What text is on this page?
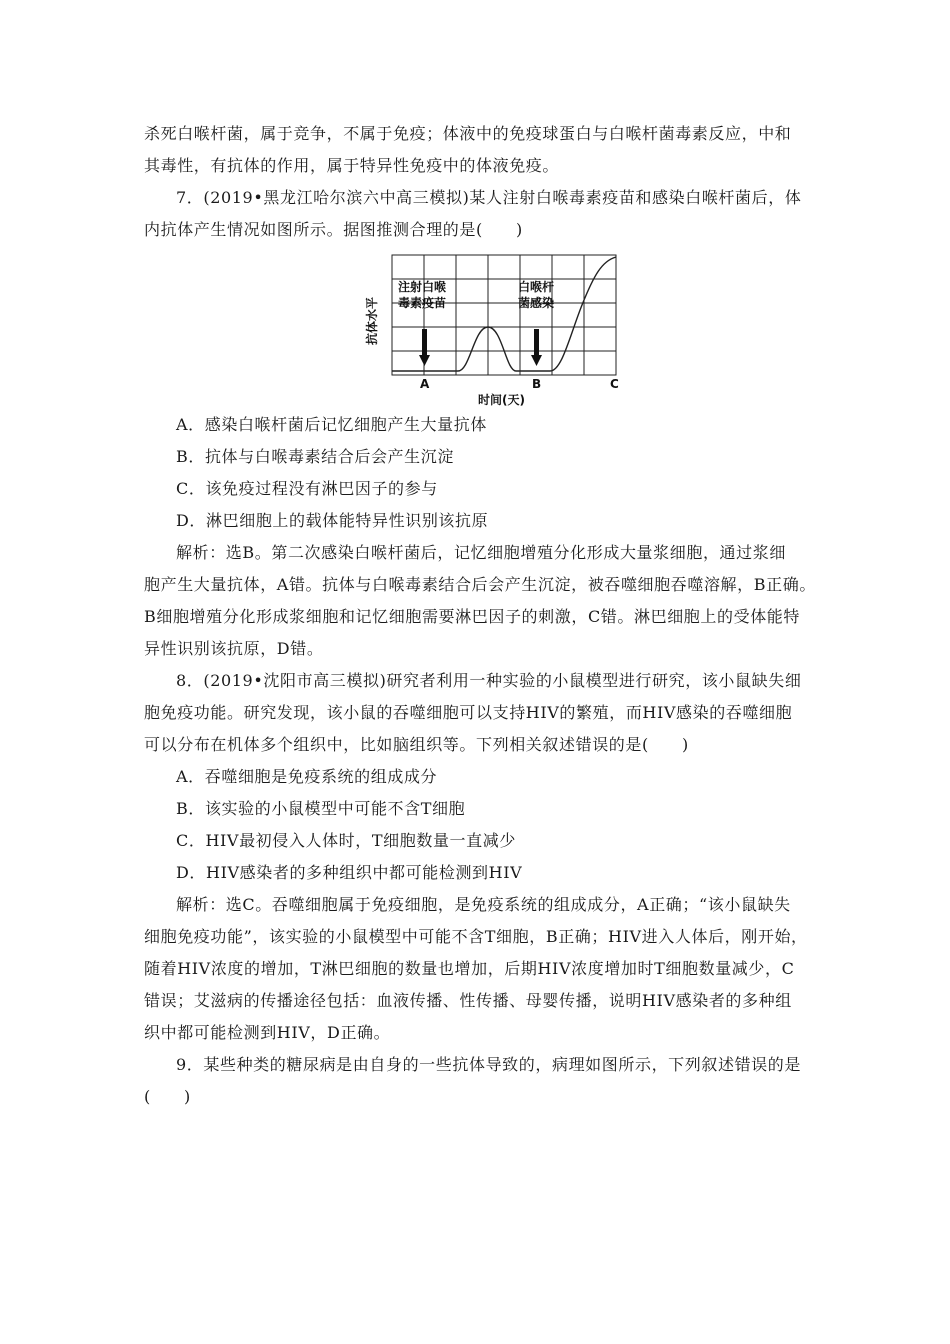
杀死白喉杆菌，属于竞争，不属于免疫；体液中的免疫球蛋白与白喉杆菌毒素反应，中和
其毒性，有抗体的作用，属于特异性免疫中的体液免疫。
7．(2019•黑龙江哈尔滨六中高三模拟)某人注射白喉毒素疫苗和感染白喉杆菌后，体
内抗体产生情况如图所示。据图推测合理的是(　　)
注射白喉
毒素疫苗
白喉杆
菌感染
抗体水平
A	B	C
时间(天)
A．感染白喉杆菌后记忆细胞产生大量抗体
B．抗体与白喉毒素结合后会产生沉淀
C．该免疫过程没有淋巴因子的参与
D．淋巴细胞上的载体能特异性识别该抗原
解析：选B。第二次感染白喉杆菌后，记忆细胞增殖分化形成大量浆细胞，通过浆细
胞产生大量抗体，A错。抗体与白喉毒素结合后会产生沉淀，被吞噬细胞吞噬溶解，B正确。
B细胞增殖分化形成浆细胞和记忆细胞需要淋巴因子的刺激，C错。淋巴细胞上的受体能特
异性识别该抗原，D错。
8．(2019•沈阳市高三模拟)研究者利用一种实验的小鼠模型进行研究，该小鼠缺失细
胞免疫功能。研究发现，该小鼠的吞噬细胞可以支持HIV的繁殖，而HIV感染的吞噬细胞
可以分布在机体多个组织中，比如脑组织等。下列相关叙述错误的是(　　)
A．吞噬细胞是免疫系统的组成成分
B．该实验的小鼠模型中可能不含T细胞
C．HIV最初侵入人体时，T细胞数量一直减少
D．HIV感染者的多种组织中都可能检测到HIV
解析：选C。吞噬细胞属于免疫细胞，是免疫系统的组成成分，A正确；“该小鼠缺失
细胞免疫功能”，该实验的小鼠模型中可能不含T细胞，B正确；HIV进入人体后，刚开始，
随着HIV浓度的增加，T淋巴细胞的数量也增加，后期HIV浓度增加时T细胞数量减少，C
错误；艾滋病的传播途径包括：血液传播、性传播、母婴传播，说明HIV感染者的多种组
织中都可能检测到HIV，D正确。
9．某些种类的糖尿病是由自身的一些抗体导致的，病理如图所示，下列叙述错误的是
(　　)
